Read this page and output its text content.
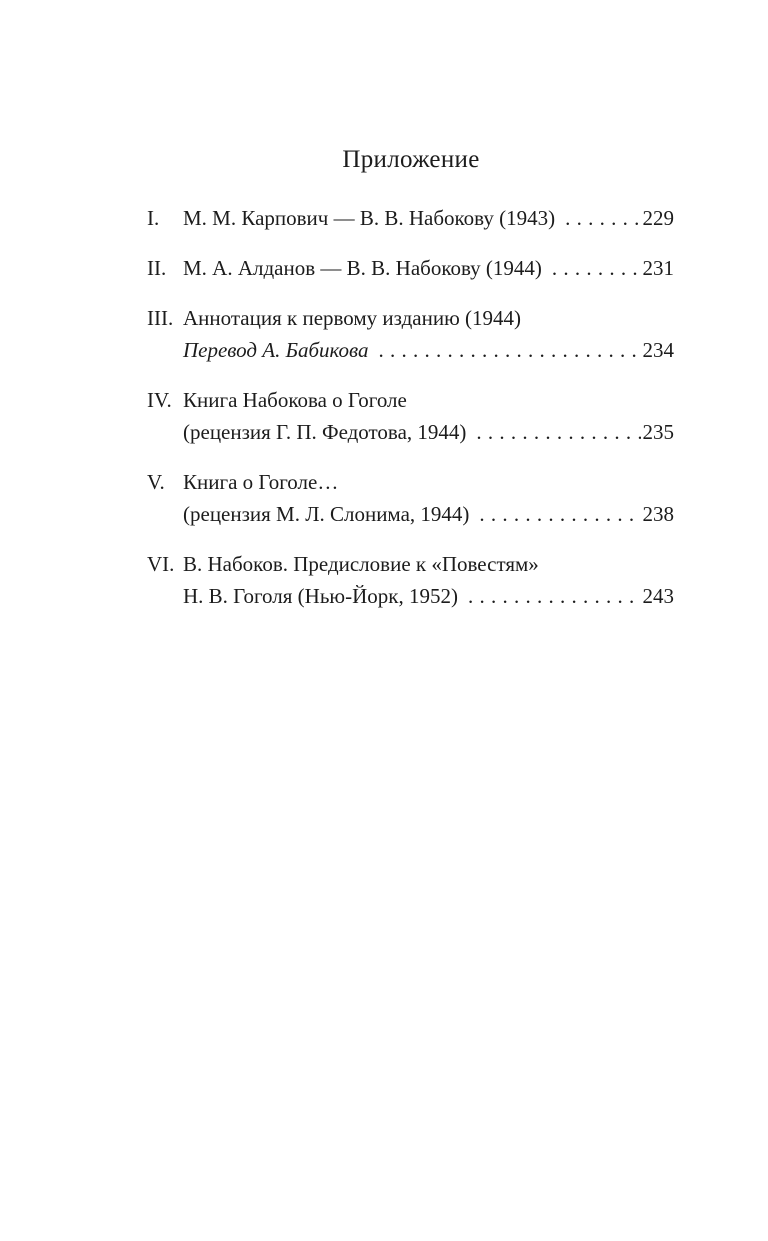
Приложение
I.	М. М. Карпович — В. В. Набокову (1943) . . .	229
II. М. А. Алданов — В. В. Набокову (1944) . . .	231
III. Аннотация к первому изданию (1944)
Перевод А. Бабикова . . .	234
IV. Книга Набокова о Гоголе
(рецензия Г. П. Федотова, 1944) . . .	235
V. Книга о Гоголе…
(рецензия М. Л. Слонима, 1944) . . .	238
VI. В. Набоков. Предисловие к «Повестям»
Н. В. Гоголя (Нью-Йорк, 1952) . . .	243
